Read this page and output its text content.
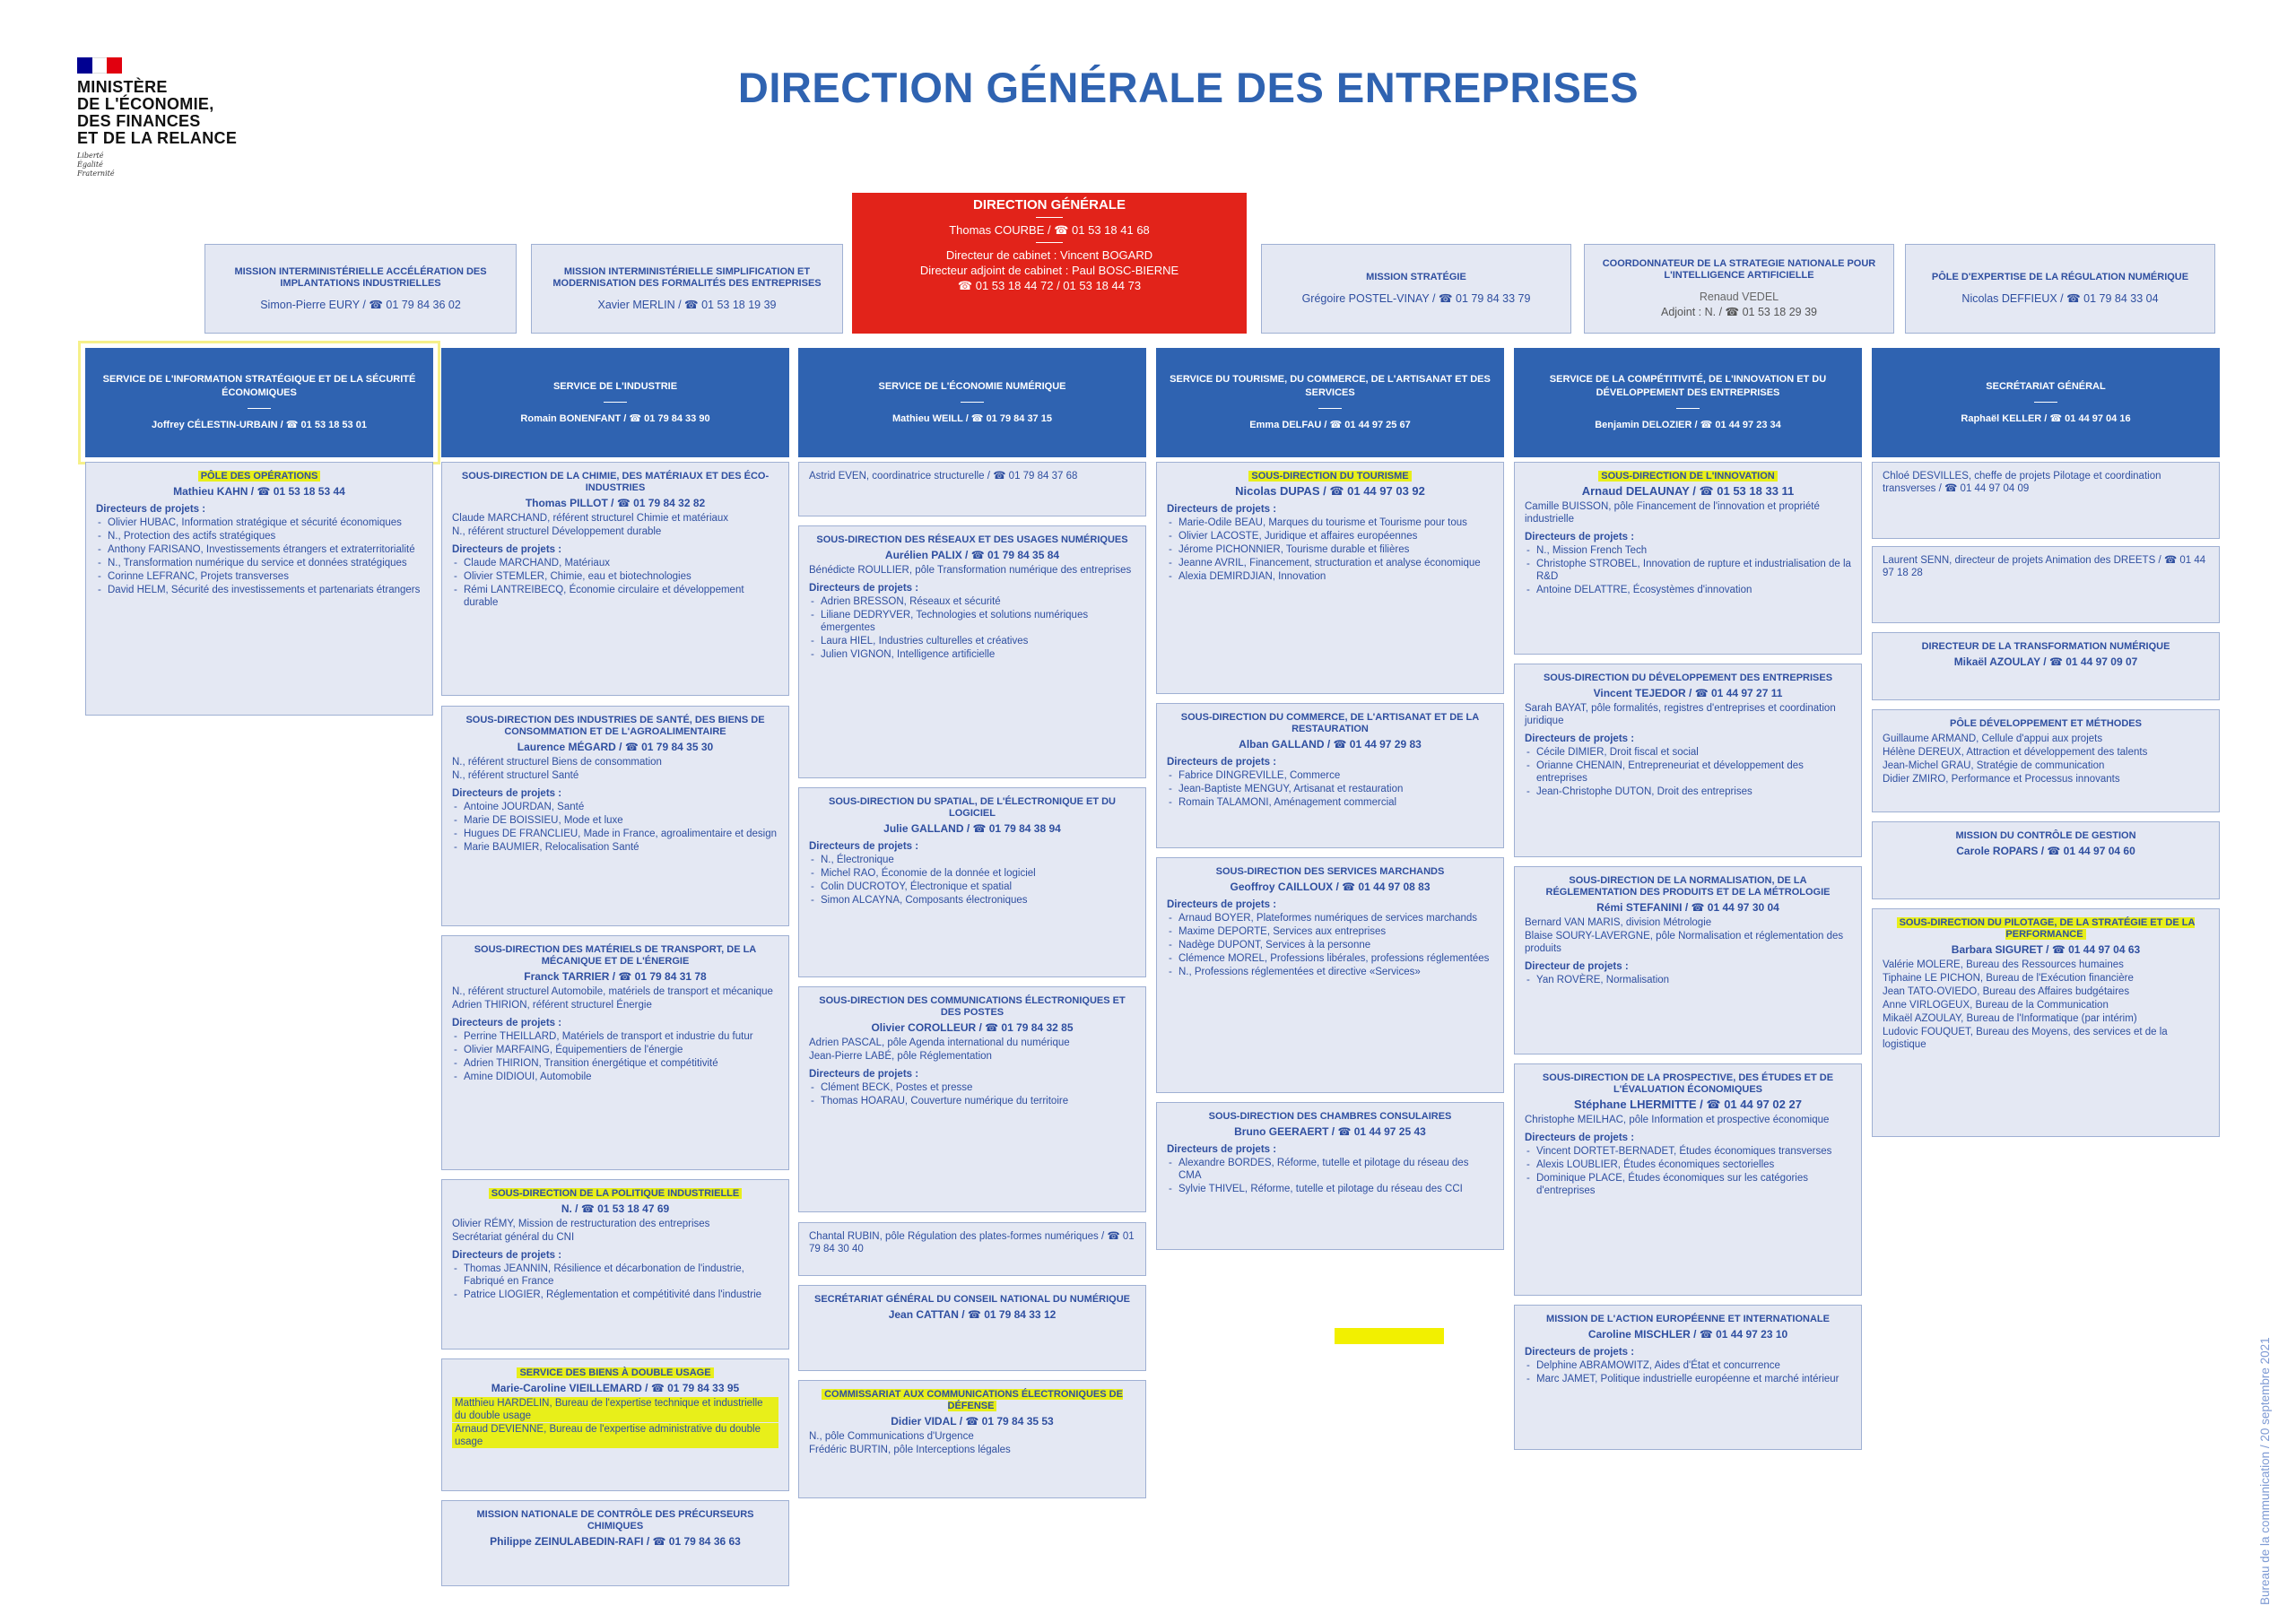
MINISTÈRE
DE L'ÉCONOMIE,
DES FINANCES
ET DE LA RELANCE
Liberté
Égalité
Fraternité
DIRECTION GÉNÉRALE DES ENTREPRISES
DIRECTION GÉNÉRALE
Thomas COURBE / ☎ 01 53 18 41 68
Directeur de cabinet : Vincent BOGARD
Directeur adjoint de cabinet : Paul BOSC-BIERNE
☎ 01 53 18 44 72 / 01 53 18 44 73
MISSION INTERMINISTÉRIELLE ACCÉLÉRATION DES IMPLANTATIONS INDUSTRIELLES
Simon-Pierre EURY / ☎ 01 79 84 36 02
MISSION INTERMINISTÉRIELLE SIMPLIFICATION ET MODERNISATION DES FORMALITÉS DES ENTREPRISES
Xavier MERLIN / ☎ 01 53 18 19 39
MISSION STRATÉGIE
Grégoire POSTEL-VINAY / ☎ 01 79 84 33 79
COORDONNATEUR DE LA STRATEGIE NATIONALE POUR L'INTELLIGENCE ARTIFICIELLE
Renaud VEDEL
Adjoint : N. / ☎ 01 53 18 29 39
PÔLE D'EXPERTISE DE LA RÉGULATION NUMÉRIQUE
Nicolas DEFFIEUX / ☎ 01 79 84 33 04
SERVICE DE L'INFORMATION STRATÉGIQUE ET DE LA SÉCURITÉ ÉCONOMIQUES
Joffrey CÉLESTIN-URBAIN / ☎ 01 53 18 53 01
SERVICE DE L'INDUSTRIE
Romain BONENFANT / ☎ 01 79 84 33 90
SERVICE DE L'ÉCONOMIE NUMÉRIQUE
Mathieu WEILL / ☎ 01 79 84 37 15
SERVICE DU TOURISME, DU COMMERCE, DE L'ARTISANAT ET DES SERVICES
Emma DELFAU / ☎ 01 44 97 25 67
SERVICE DE LA COMPÉTITIVITÉ, DE L'INNOVATION ET DU DÉVELOPPEMENT DES ENTREPRISES
Benjamin DELOZIER / ☎ 01 44 97 23 34
SECRÉTARIAT GÉNÉRAL
Raphaël KELLER / ☎ 01 44 97 04 16
PÔLE DES OPÉRATIONS
Mathieu KAHN / ☎ 01 53 18 53 44
Directeurs de projets :
- Olivier HUBAC, Information stratégique et sécurité économiques
- N., Protection des actifs stratégiques
- Anthony FARISANO, Investissements étrangers et extraterritorialité
- N., Transformation numérique du service et données stratégiques
- Corinne LEFRANC, Projets transverses
- David HELM, Sécurité des investissements et partenariats étrangers
SOUS-DIRECTION DE LA CHIMIE, DES MATÉRIAUX ET DES ÉCO-INDUSTRIES
Thomas PILLOT / ☎ 01 79 84 32 82
Claude MARCHAND, référent structurel Chimie et matériaux
N., référent structurel Développement durable
Directeurs de projets :
- Claude MARCHAND, Matériaux
- Olivier STEMLER, Chimie, eau et biotechnologies
- Rémi LANTREIBECQ, Économie circulaire et développement durable
SOUS-DIRECTION DES INDUSTRIES DE SANTÉ, DES BIENS DE CONSOMMATION ET DE L'AGROALIMENTAIRE
Laurence MÉGARD / ☎ 01 79 84 35 30
N., référent structurel Biens de consommation
N., référent structurel Santé
Directeurs de projets :
- Antoine JOURDAN, Santé
- Marie DE BOISSIEU, Mode et luxe
- Hugues DE FRANCLIEU, Made in France, agroalimentaire et design
- Marie BAUMIER, Relocalisation Santé
SOUS-DIRECTION DES MATÉRIELS DE TRANSPORT, DE LA MÉCANIQUE ET DE L'ÉNERGIE
Franck TARRIER / ☎ 01 79 84 31 78
N., référent structurel Automobile, matériels de transport et mécanique
Adrien THIRION, référent structurel Énergie
Directeurs de projets :
- Perrine THEILLARD, Matériels de transport et industrie du futur
- Olivier MARFAING, Équipementiers de l'énergie
- Adrien THIRION, Transition énergétique et compétitivité
- Amine DIDIOUI, Automobile
SOUS-DIRECTION DE LA POLITIQUE INDUSTRIELLE
N. / ☎ 01 53 18 47 69
Olivier RÉMY, Mission de restructuration des entreprises
Secrétariat général du CNI
Directeurs de projets :
- Thomas JEANNIN, Résilience et décarbonation de l'industrie, Fabriqué en France
- Patrice LIOGIER, Réglementation et compétitivité dans l'industrie
SERVICE DES BIENS À DOUBLE USAGE
Marie-Caroline VIEILLEMARD / ☎ 01 79 84 33 95
Matthieu HARDELIN, Bureau de l'expertise technique et industrielle du double usage
Arnaud DEVIENNE, Bureau de l'expertise administrative du double usage
MISSION NATIONALE DE CONTRÔLE DES PRÉCURSEURS CHIMIQUES
Philippe ZEINULABEDIN-RAFI / ☎ 01 79 84 36 63
Astrid EVEN, coordinatrice structurelle / ☎ 01 79 84 37 68
SOUS-DIRECTION DES RÉSEAUX ET DES USAGES NUMÉRIQUES
Aurélien PALIX / ☎ 01 79 84 35 84
Bénédicte ROULLIER, pôle Transformation numérique des entreprises
Directeurs de projets :
- Adrien BRESSON, Réseaux et sécurité
- Liliane DEDRYVER, Technologies et solutions numériques émergentes
- Laura HIEL, Industries culturelles et créatives
- Julien VIGNON, Intelligence artificielle
SOUS-DIRECTION DU SPATIAL, DE L'ÉLECTRONIQUE ET DU LOGICIEL
Julie GALLAND / ☎ 01 79 84 38 94
Directeurs de projets :
- N., Électronique
- Michel RAO, Économie de la donnée et logiciel
- Colin DUCROTOY, Électronique et spatial
- Simon ALCAYNA, Composants électroniques
SOUS-DIRECTION DES COMMUNICATIONS ÉLECTRONIQUES ET DES POSTES
Olivier COROLLEUR / ☎ 01 79 84 32 85
Adrien PASCAL, pôle Agenda international du numérique
Jean-Pierre LABÉ, pôle Réglementation
Directeurs de projets :
- Clément BECK, Postes et presse
- Thomas HOARAU, Couverture numérique du territoire
Chantal RUBIN, pôle Régulation des plates-formes numériques / ☎ 01 79 84 30 40
SECRÉTARIAT GÉNÉRAL DU CONSEIL NATIONAL DU NUMÉRIQUE
Jean CATTAN / ☎ 01 79 84 33 12
COMMISSARIAT AUX COMMUNICATIONS ÉLECTRONIQUES DE DÉFENSE
Didier VIDAL / ☎ 01 79 84 35 53
N., pôle Communications d'Urgence
Frédéric BURTIN, pôle Interceptions légales
SOUS-DIRECTION DU TOURISME
Nicolas DUPAS / ☎ 01 44 97 03 92
Directeurs de projets :
- Marie-Odile BEAU, Marques du tourisme et Tourisme pour tous
- Olivier LACOSTE, Juridique et affaires européennes
- Jérome PICHONNIER, Tourisme durable et filières
- Jeanne AVRIL, Financement, structuration et analyse économique
- Alexia DEMIRDJIAN, Innovation
SOUS-DIRECTION DU COMMERCE, DE L'ARTISANAT ET DE LA RESTAURATION
Alban GALLAND / ☎ 01 44 97 29 83
Directeurs de projets :
- Fabrice DINGREVILLE, Commerce
- Jean-Baptiste MENGUY, Artisanat et restauration
- Romain TALAMONI, Aménagement commercial
SOUS-DIRECTION DES SERVICES MARCHANDS
Geoffroy CAILLOUX / ☎ 01 44 97 08 83
Directeurs de projets :
- Arnaud BOYER, Plateformes numériques de services marchands
- Maxime DEPORTE, Services aux entreprises
- Nadège DUPONT, Services à la personne
- Clémence MOREL, Professions libérales, professions réglementées
- N., Professions réglementées et directive «Services»
SOUS-DIRECTION DES CHAMBRES CONSULAIRES
Bruno GEERAERT / ☎ 01 44 97 25 43
Directeurs de projets :
- Alexandre BORDES, Réforme, tutelle et pilotage du réseau des CMA
- Sylvie THIVEL, Réforme, tutelle et pilotage du réseau des CCI
SOUS-DIRECTION DE L'INNOVATION
Arnaud DELAUNAY / ☎ 01 53 18 33 11
Camille BUISSON, pôle Financement de l'innovation et propriété industrielle
Directeurs de projets :
- N., Mission French Tech
- Christophe STROBEL, Innovation de rupture et industrialisation de la R&D
- Antoine DELATTRE, Écosystèmes d'innovation
SOUS-DIRECTION DU DÉVELOPPEMENT DES ENTREPRISES
Vincent TEJEDOR / ☎ 01 44 97 27 11
Sarah BAYAT, pôle formalités, registres d'entreprises et coordination juridique
Directeurs de projets :
- Cécile DIMIER, Droit fiscal et social
- Orianne CHENAIN, Entrepreneuriat et développement des entreprises
- Jean-Christophe DUTON, Droit des entreprises
SOUS-DIRECTION DE LA NORMALISATION, DE LA RÉGLEMENTATION DES PRODUITS ET DE LA MÉTROLOGIE
Rémi STEFANINI / ☎ 01 44 97 30 04
Bernard VAN MARIS, division Métrologie
Blaise SOURY-LAVERGNE, pôle Normalisation et réglementation des produits
Directeur de projets :
- Yan ROVÈRE, Normalisation
SOUS-DIRECTION DE LA PROSPECTIVE, DES ÉTUDES ET DE L'ÉVALUATION ÉCONOMIQUES
Stéphane LHERMITTE / ☎ 01 44 97 02 27
Christophe MEILHAC, pôle Information et prospective économique
Directeurs de projets :
- Vincent DORTET-BERNADET, Études économiques transverses
- Alexis LOUBLIER, Études économiques sectorielles
- Dominique PLACE, Études économiques sur les catégories d'entreprises
MISSION DE L'ACTION EUROPÉENNE ET INTERNATIONALE
Caroline MISCHLER / ☎ 01 44 97 23 10
Directeurs de projets :
- Delphine ABRAMOWITZ, Aides d'État et concurrence
- Marc JAMET, Politique industrielle européenne et marché intérieur
Chloé DESVILLES, cheffe de projets Pilotage et coordination transverses / ☎ 01 44 97 04 09
Laurent SENN, directeur de projets Animation des DREETS / ☎ 01 44 97 18 28
DIRECTEUR DE LA TRANSFORMATION NUMÉRIQUE
Mikaël AZOULAY / ☎ 01 44 97 09 07
PÔLE DÉVELOPPEMENT ET MÉTHODES
Guillaume ARMAND, Cellule d'appui aux projets
Hélène DEREUX, Attraction et développement des talents
Jean-Michel GRAU, Stratégie de communication
Didier ZMIRO, Performance et Processus innovants
MISSION DU CONTRÔLE DE GESTION
Carole ROPARS / ☎ 01 44 97 04 60
SOUS-DIRECTION DU PILOTAGE, DE LA STRATÉGIE ET DE LA PERFORMANCE
Barbara SIGURET / ☎ 01 44 97 04 63
Valérie MOLERE, Bureau des Ressources humaines
Tiphaine LE PICHON, Bureau de l'Exécution financière
Jean TATO-OVIEDO, Bureau des Affaires budgétaires
Anne VIRLOGEUX, Bureau de la Communication
Mikaël AZOULAY, Bureau de l'Informatique (par intérim)
Ludovic FOUQUET, Bureau des Moyens, des services et de la logistique
Bureau de la communication / 20 septembre 2021
